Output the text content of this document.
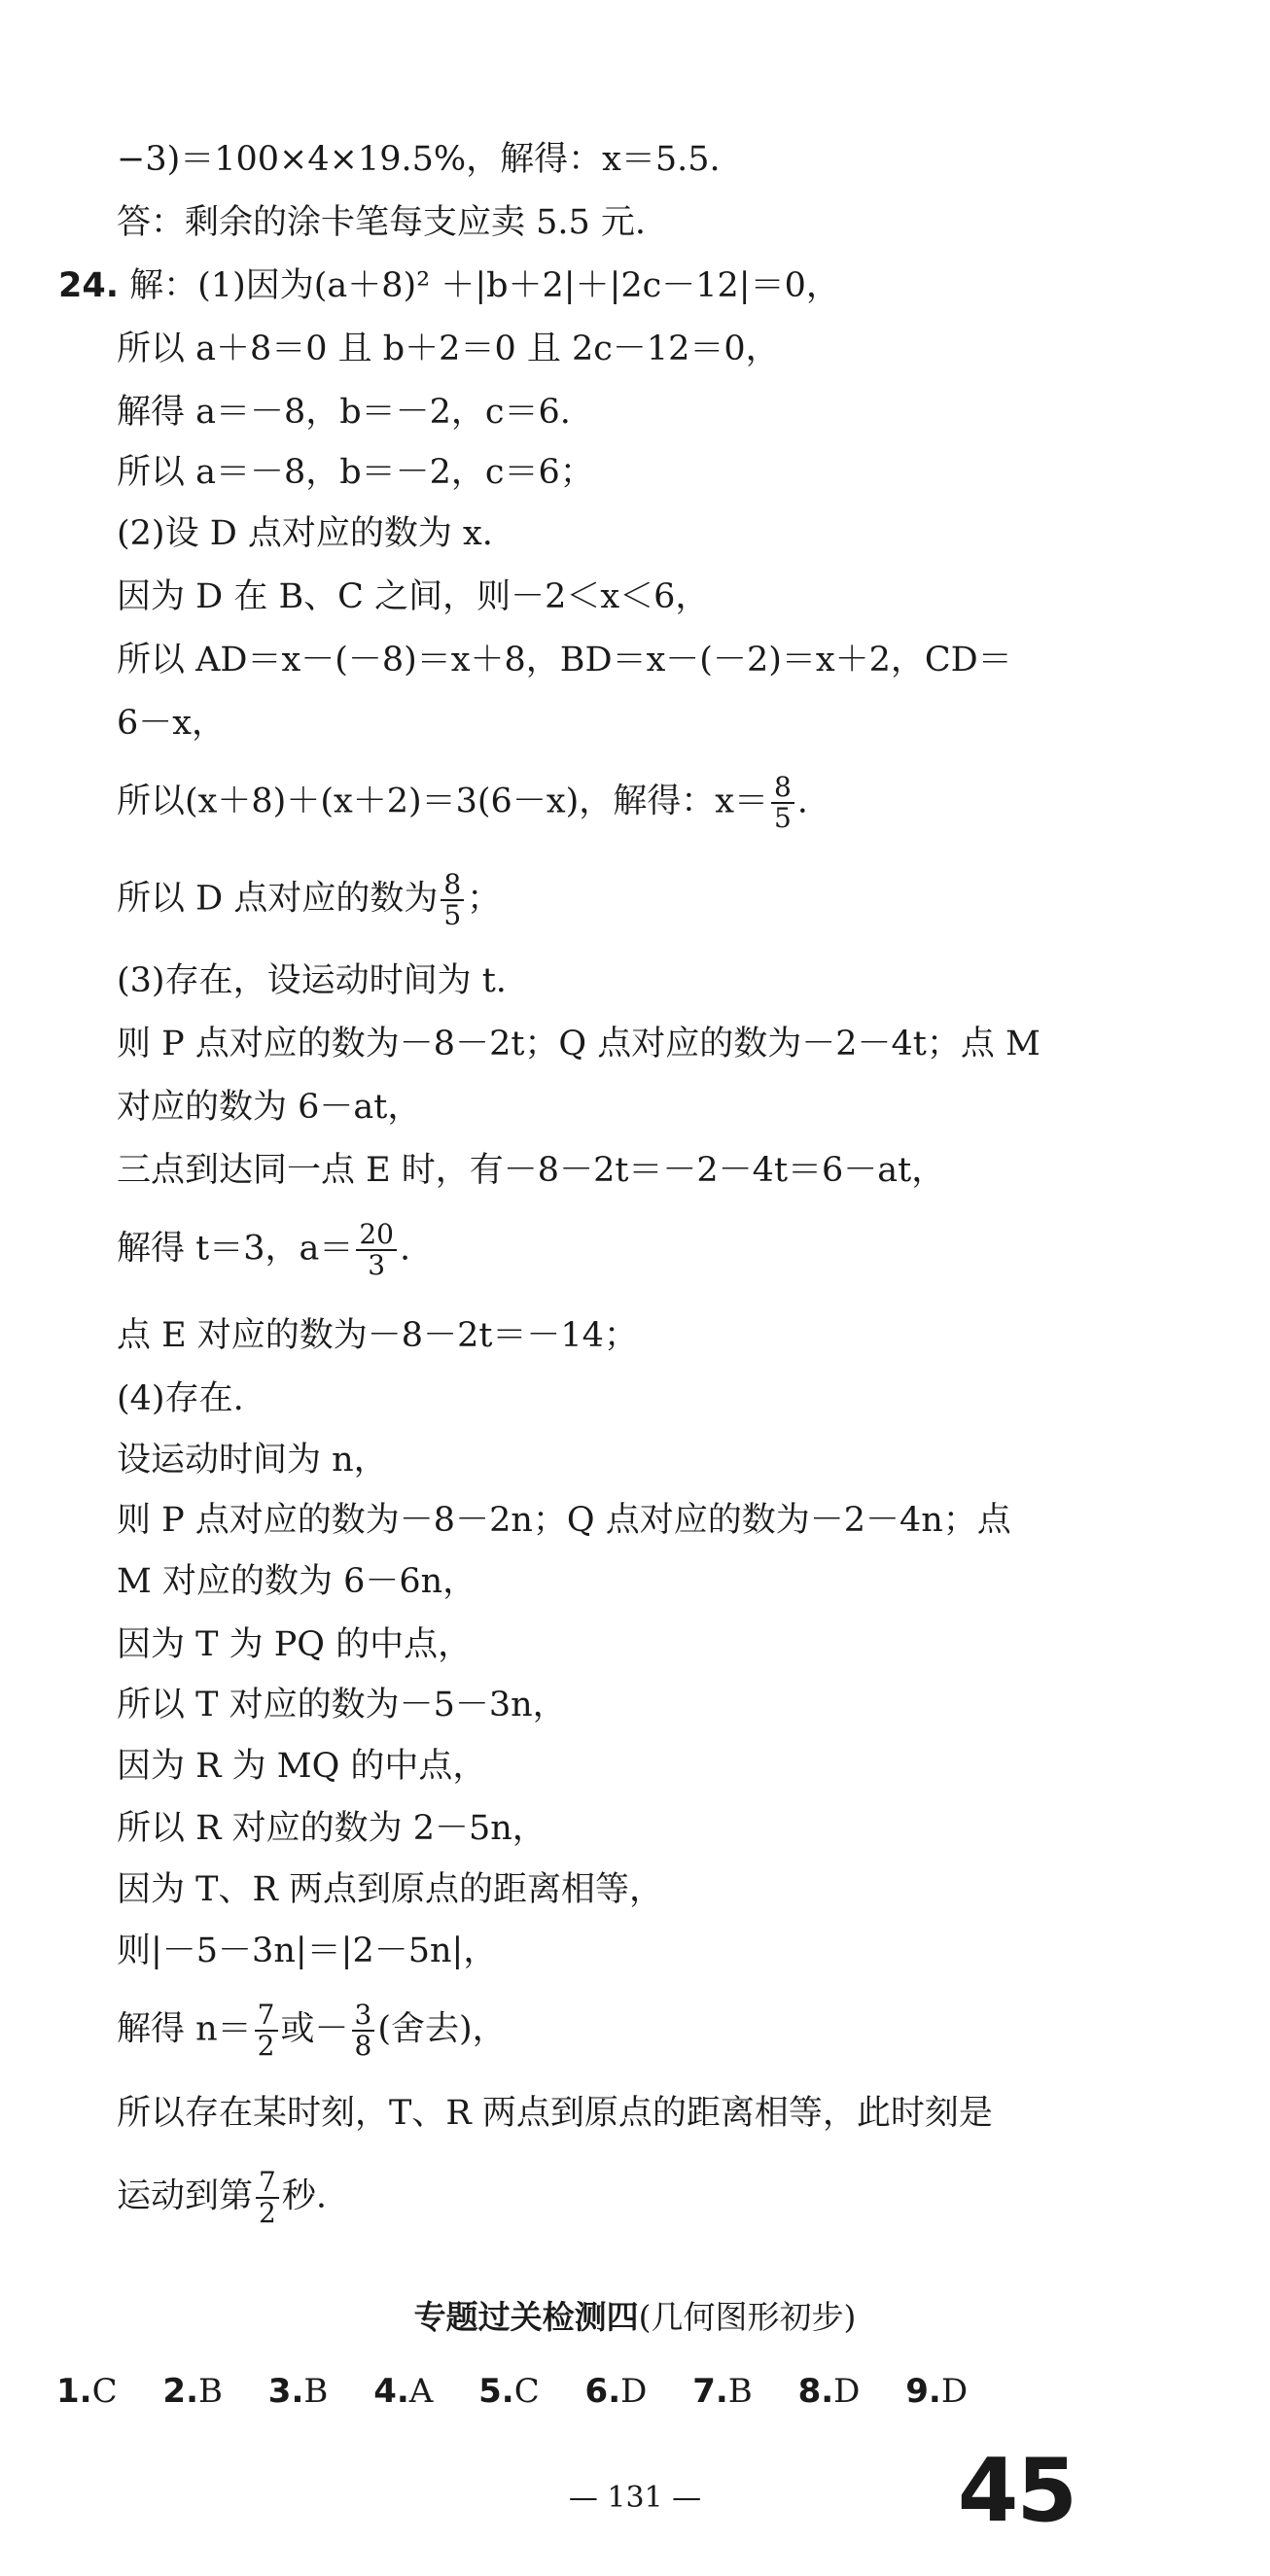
−3)＝100×4×19.5%，解得：x＝5.5.
答：剩余的涂卡笔每支应卖 5.5 元.
24. 解：(1)因为(a＋8)² ＋|b＋2|＋|2c－12|＝0，
所以 a＋8＝0 且 b＋2＝0 且 2c－12＝0，
解得 a＝－8，b＝－2，c＝6.
所以 a＝－8，b＝－2，c＝6；
(2)设 D 点对应的数为 x.
因为 D 在 B、C 之间，则－2＜x＜6，
所以 AD＝x－(－8)＝x＋8，BD＝x－(－2)＝x＋2，CD＝
6－x，
所以(x＋8)＋(x＋2)＝3(6－x)，解得：$x= \frac{8}{5}$ .
所以 D 点对应的数为 $\frac{8}{5}$ ；
(3)存在，设运动时间为 t.
则 P 点对应的数为－8－2t；Q 点对应的数为－2－4t；点 M
对应的数为 6－at，
三点到达同一点 E 时，有－8－2t＝－2－4t＝6－at，
解得 t＝3，$a= \frac{20}{3}$ .
点 E 对应的数为－8－2t＝－14；
(4)存在.
设运动时间为 n，
则 P 点对应的数为－8－2n；Q 点对应的数为－2－4n；点
M 对应的数为 6－6n，
因为 T 为 PQ 的中点，
所以 T 对应的数为－5－3n，
因为 R 为 MQ 的中点，
所以 R 对应的数为 2－5n，
因为 T、R 两点到原点的距离相等，
则|－5－3n|＝|2－5n|，
解得 $n= \frac{7}{2}$ 或－ $\frac{3}{8}$ (舍去)，
所以存在某时刻，T、R 两点到原点的距离相等，此时刻是
运动到第 $\frac{7}{2}$ 秒.
专题过关检测四(几何图形初步)
1.C 2.B 3.B 4.A 5.C 6.D 7.B 8.D 9.D
— 131 —	45
